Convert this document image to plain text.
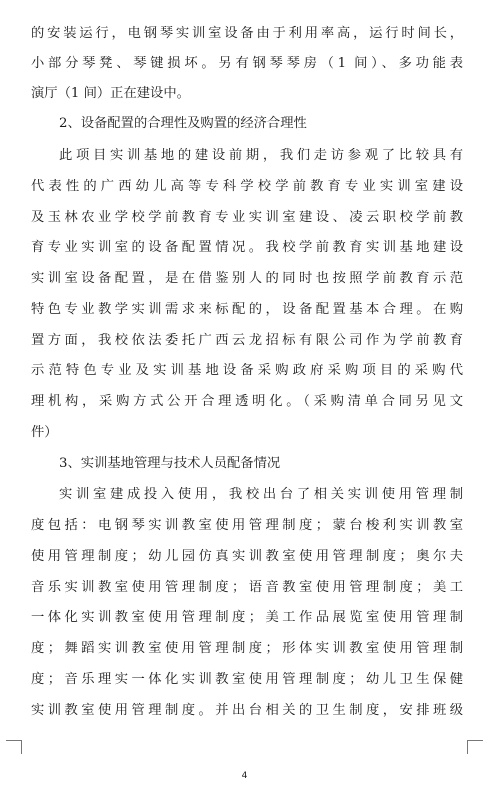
的安装运行，电钢琴实训室设备由于利用率高，运行时间长，
小部分琴凳、琴键损坏。另有钢琴琴房（1 间）、多功能表
演厅（1 间）正在建设中。
2、设备配置的合理性及购置的经济合理性
此项目实训基地的建设前期，我们走访参观了比较具有
代表性的广西幼儿高等专科学校学前教育专业实训室建设
及玉林农业学校学前教育专业实训室建设、凌云职校学前教
育专业实训室的设备配置情况。我校学前教育实训基地建设
实训室设备配置，是在借鉴别人的同时也按照学前教育示范
特色专业教学实训需求来标配的，设备配置基本合理。在购
置方面，我校依法委托广西云龙招标有限公司作为学前教育
示范特色专业及实训基地设备采购政府采购项目的采购代
理机构，采购方式公开合理透明化。（采购清单合同另见文
件）
3、实训基地管理与技术人员配备情况
实训室建成投入使用，我校出台了相关实训使用管理制
度包括：电钢琴实训教室使用管理制度；蒙台梭利实训教室
使用管理制度；幼儿园仿真实训教室使用管理制度；奥尔夫
音乐实训教室使用管理制度；语音教室使用管理制度；美工
一体化实训教室使用管理制度；美工作品展览室使用管理制
度；舞蹈实训教室使用管理制度；形体实训教室使用管理制
度；音乐理实一体化实训教室使用管理制度；幼儿卫生保健
实训教室使用管理制度。并出台相关的卫生制度，安排班级
4
